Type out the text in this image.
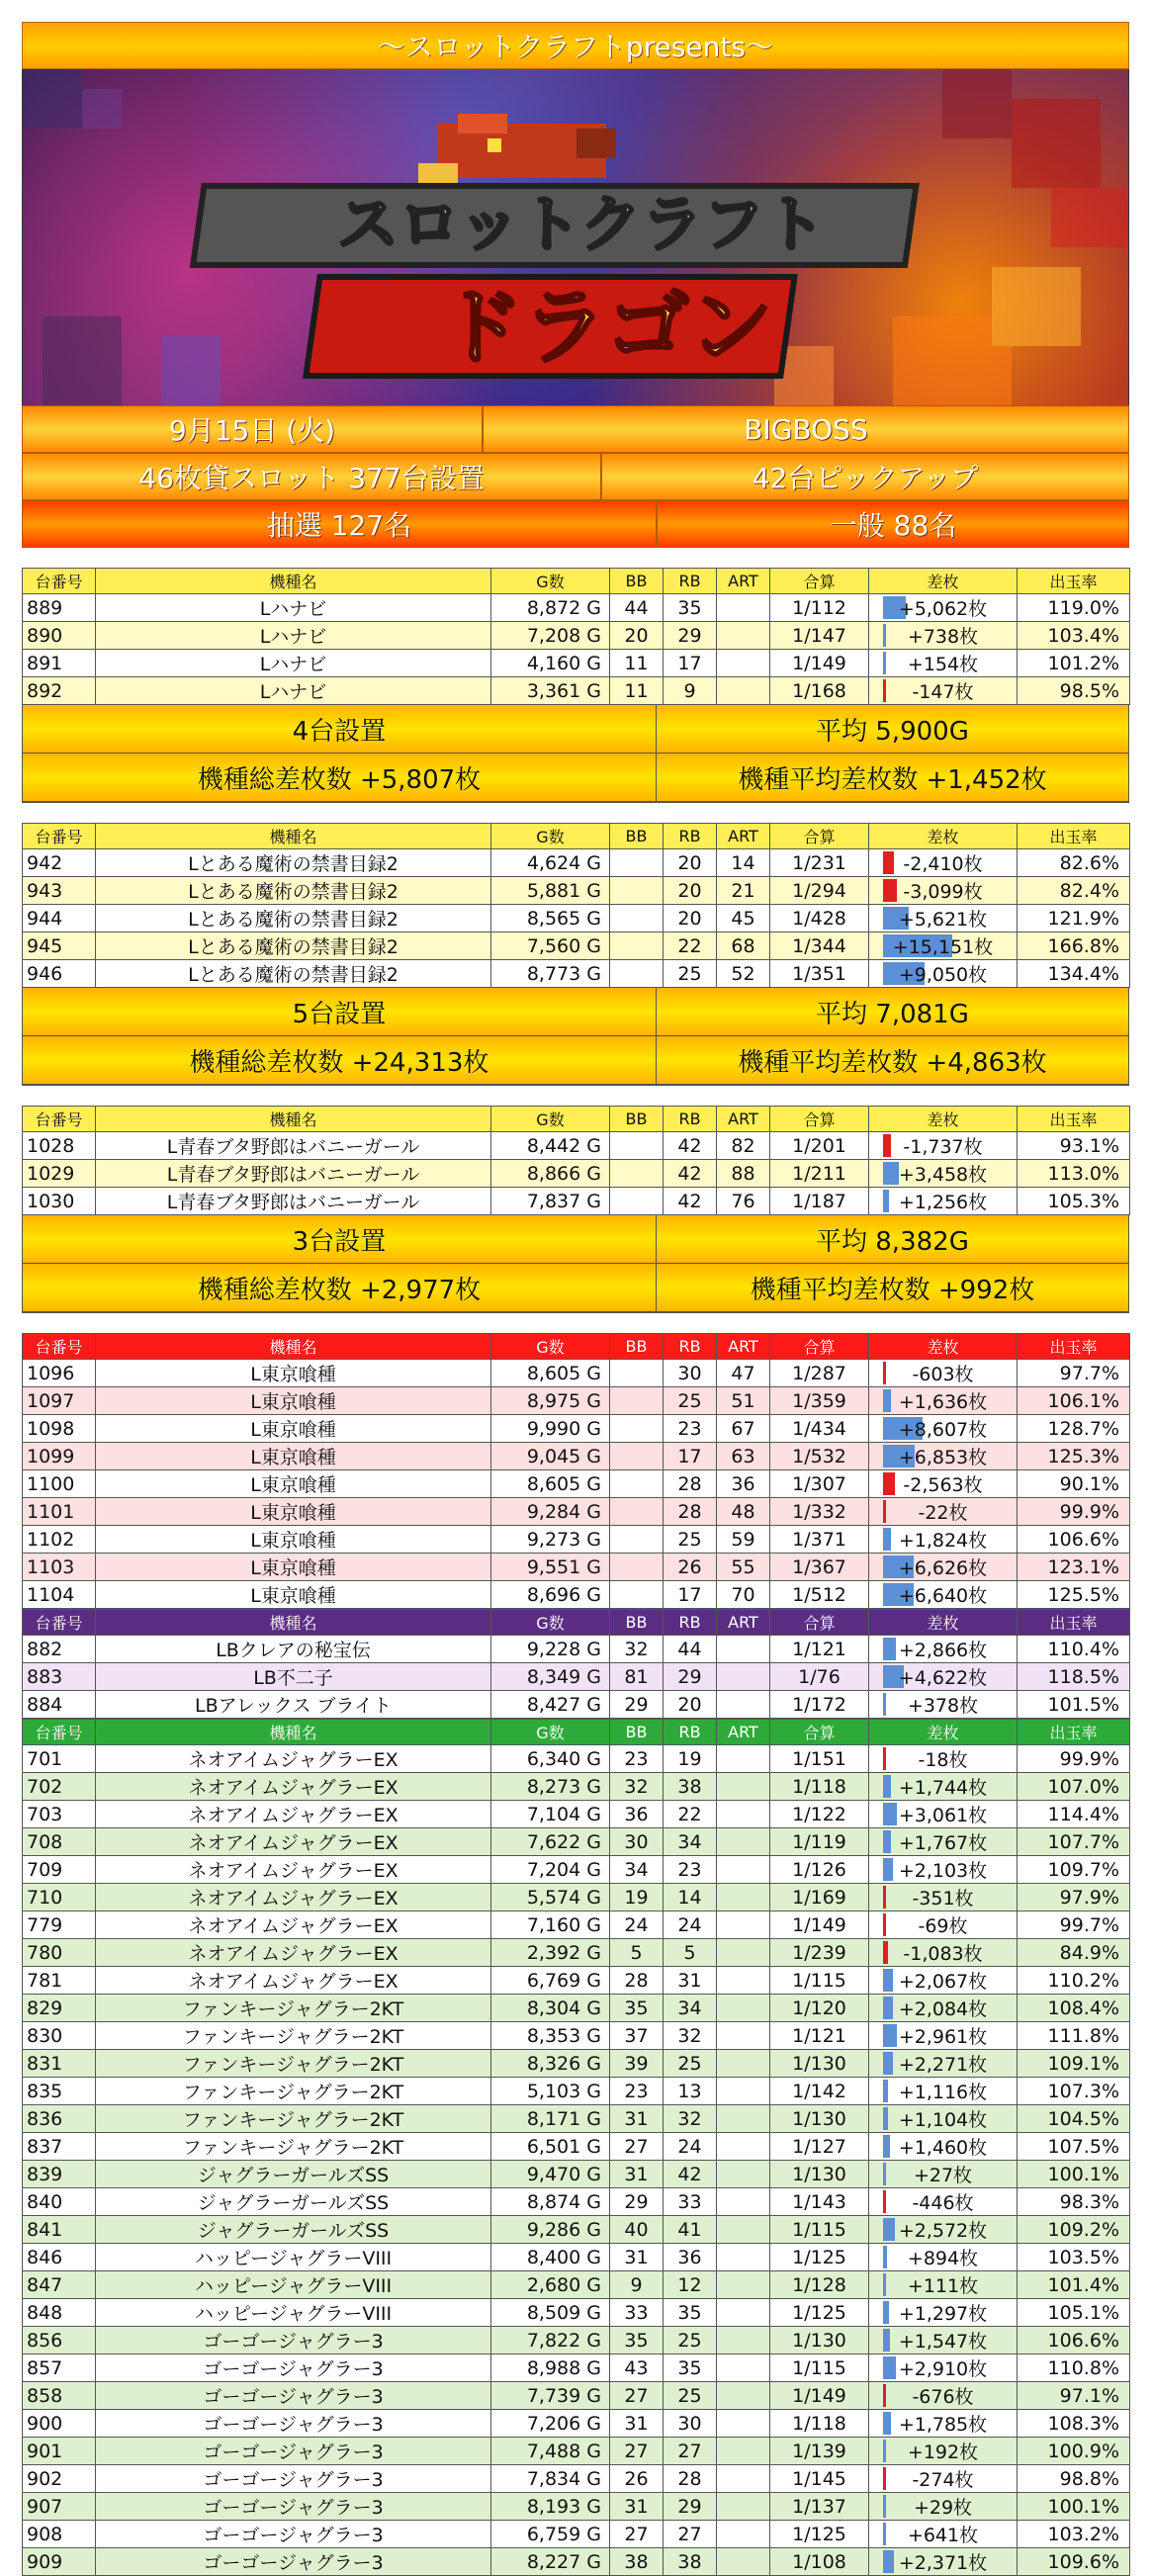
～スロットクラフトpresents～
スロットクラフト
ドラゴン
9月15日 (火)	BIGBOSS
46枚貸スロット 377台設置	42台ピックアップ
抽選 127名	一般 88名
台番号	機種名	G数	BB	RB	ART	合算	差枚	出玉率
889	Lハナビ	8,872 G	44	35		1/112	+5,062枚	119.0%
890	Lハナビ	7,208 G	20	29		1/147	+738枚	103.4%
891	Lハナビ	4,160 G	11	17		1/149	+154枚	101.2%
892	Lハナビ	3,361 G	11	9		1/168	-147枚	98.5%
4台設置	平均 5,900G
機種総差枚数 +5,807枚	機種平均差枚数 +1,452枚
台番号	機種名	G数	BB	RB	ART	合算	差枚	出玉率
942	Lとある魔術の禁書目録2	4,624 G		20	14	1/231	-2,410枚	82.6%
943	Lとある魔術の禁書目録2	5,881 G		20	21	1/294	-3,099枚	82.4%
944	Lとある魔術の禁書目録2	8,565 G		20	45	1/428	+5,621枚	121.9%
945	Lとある魔術の禁書目録2	7,560 G		22	68	1/344	+15,151枚	166.8%
946	Lとある魔術の禁書目録2	8,773 G		25	52	1/351	+9,050枚	134.4%
5台設置	平均 7,081G
機種総差枚数 +24,313枚	機種平均差枚数 +4,863枚
台番号	機種名	G数	BB	RB	ART	合算	差枚	出玉率
1028	L青春ブタ野郎はバニーガール	8,442 G		42	82	1/201	-1,737枚	93.1%
1029	L青春ブタ野郎はバニーガール	8,866 G		42	88	1/211	+3,458枚	113.0%
1030	L青春ブタ野郎はバニーガール	7,837 G		42	76	1/187	+1,256枚	105.3%
3台設置	平均 8,382G
機種総差枚数 +2,977枚	機種平均差枚数 +992枚
台番号	機種名	G数	BB	RB	ART	合算	差枚	出玉率
1096	L東京喰種	8,605 G		30	47	1/287	-603枚	97.7%
1097	L東京喰種	8,975 G		25	51	1/359	+1,636枚	106.1%
1098	L東京喰種	9,990 G		23	67	1/434	+8,607枚	128.7%
1099	L東京喰種	9,045 G		17	63	1/532	+6,853枚	125.3%
1100	L東京喰種	8,605 G		28	36	1/307	-2,563枚	90.1%
1101	L東京喰種	9,284 G		28	48	1/332	-22枚	99.9%
1102	L東京喰種	9,273 G		25	59	1/371	+1,824枚	106.6%
1103	L東京喰種	9,551 G		26	55	1/367	+6,626枚	123.1%
1104	L東京喰種	8,696 G		17	70	1/512	+6,640枚	125.5%
台番号	機種名	G数	BB	RB	ART	合算	差枚	出玉率
882	LBクレアの秘宝伝	9,228 G	32	44		1/121	+2,866枚	110.4%
883	LB不二子	8,349 G	81	29		1/76	+4,622枚	118.5%
884	LBアレックス ブライト	8,427 G	29	20		1/172	+378枚	101.5%
台番号	機種名	G数	BB	RB	ART	合算	差枚	出玉率
701	ネオアイムジャグラーEX	6,340 G	23	19		1/151	-18枚	99.9%
702	ネオアイムジャグラーEX	8,273 G	32	38		1/118	+1,744枚	107.0%
703	ネオアイムジャグラーEX	7,104 G	36	22		1/122	+3,061枚	114.4%
708	ネオアイムジャグラーEX	7,622 G	30	34		1/119	+1,767枚	107.7%
709	ネオアイムジャグラーEX	7,204 G	34	23		1/126	+2,103枚	109.7%
710	ネオアイムジャグラーEX	5,574 G	19	14		1/169	-351枚	97.9%
779	ネオアイムジャグラーEX	7,160 G	24	24		1/149	-69枚	99.7%
780	ネオアイムジャグラーEX	2,392 G	5	5		1/239	-1,083枚	84.9%
781	ネオアイムジャグラーEX	6,769 G	28	31		1/115	+2,067枚	110.2%
829	ファンキージャグラー2KT	8,304 G	35	34		1/120	+2,084枚	108.4%
830	ファンキージャグラー2KT	8,353 G	37	32		1/121	+2,961枚	111.8%
831	ファンキージャグラー2KT	8,326 G	39	25		1/130	+2,271枚	109.1%
835	ファンキージャグラー2KT	5,103 G	23	13		1/142	+1,116枚	107.3%
836	ファンキージャグラー2KT	8,171 G	31	32		1/130	+1,104枚	104.5%
837	ファンキージャグラー2KT	6,501 G	27	24		1/127	+1,460枚	107.5%
839	ジャグラーガールズSS	9,470 G	31	42		1/130	+27枚	100.1%
840	ジャグラーガールズSS	8,874 G	29	33		1/143	-446枚	98.3%
841	ジャグラーガールズSS	9,286 G	40	41		1/115	+2,572枚	109.2%
846	ハッピージャグラーVIII	8,400 G	31	36		1/125	+894枚	103.5%
847	ハッピージャグラーVIII	2,680 G	9	12		1/128	+111枚	101.4%
848	ハッピージャグラーVIII	8,509 G	33	35		1/125	+1,297枚	105.1%
856	ゴーゴージャグラー3	7,822 G	35	25		1/130	+1,547枚	106.6%
857	ゴーゴージャグラー3	8,988 G	43	35		1/115	+2,910枚	110.8%
858	ゴーゴージャグラー3	7,739 G	27	25		1/149	-676枚	97.1%
900	ゴーゴージャグラー3	7,206 G	31	30		1/118	+1,785枚	108.3%
901	ゴーゴージャグラー3	7,488 G	27	27		1/139	+192枚	100.9%
902	ゴーゴージャグラー3	7,834 G	26	28		1/145	-274枚	98.8%
907	ゴーゴージャグラー3	8,193 G	31	29		1/137	+29枚	100.1%
908	ゴーゴージャグラー3	6,759 G	27	27		1/125	+641枚	103.2%
909	ゴーゴージャグラー3	8,227 G	38	38		1/108	+2,371枚	109.6%
